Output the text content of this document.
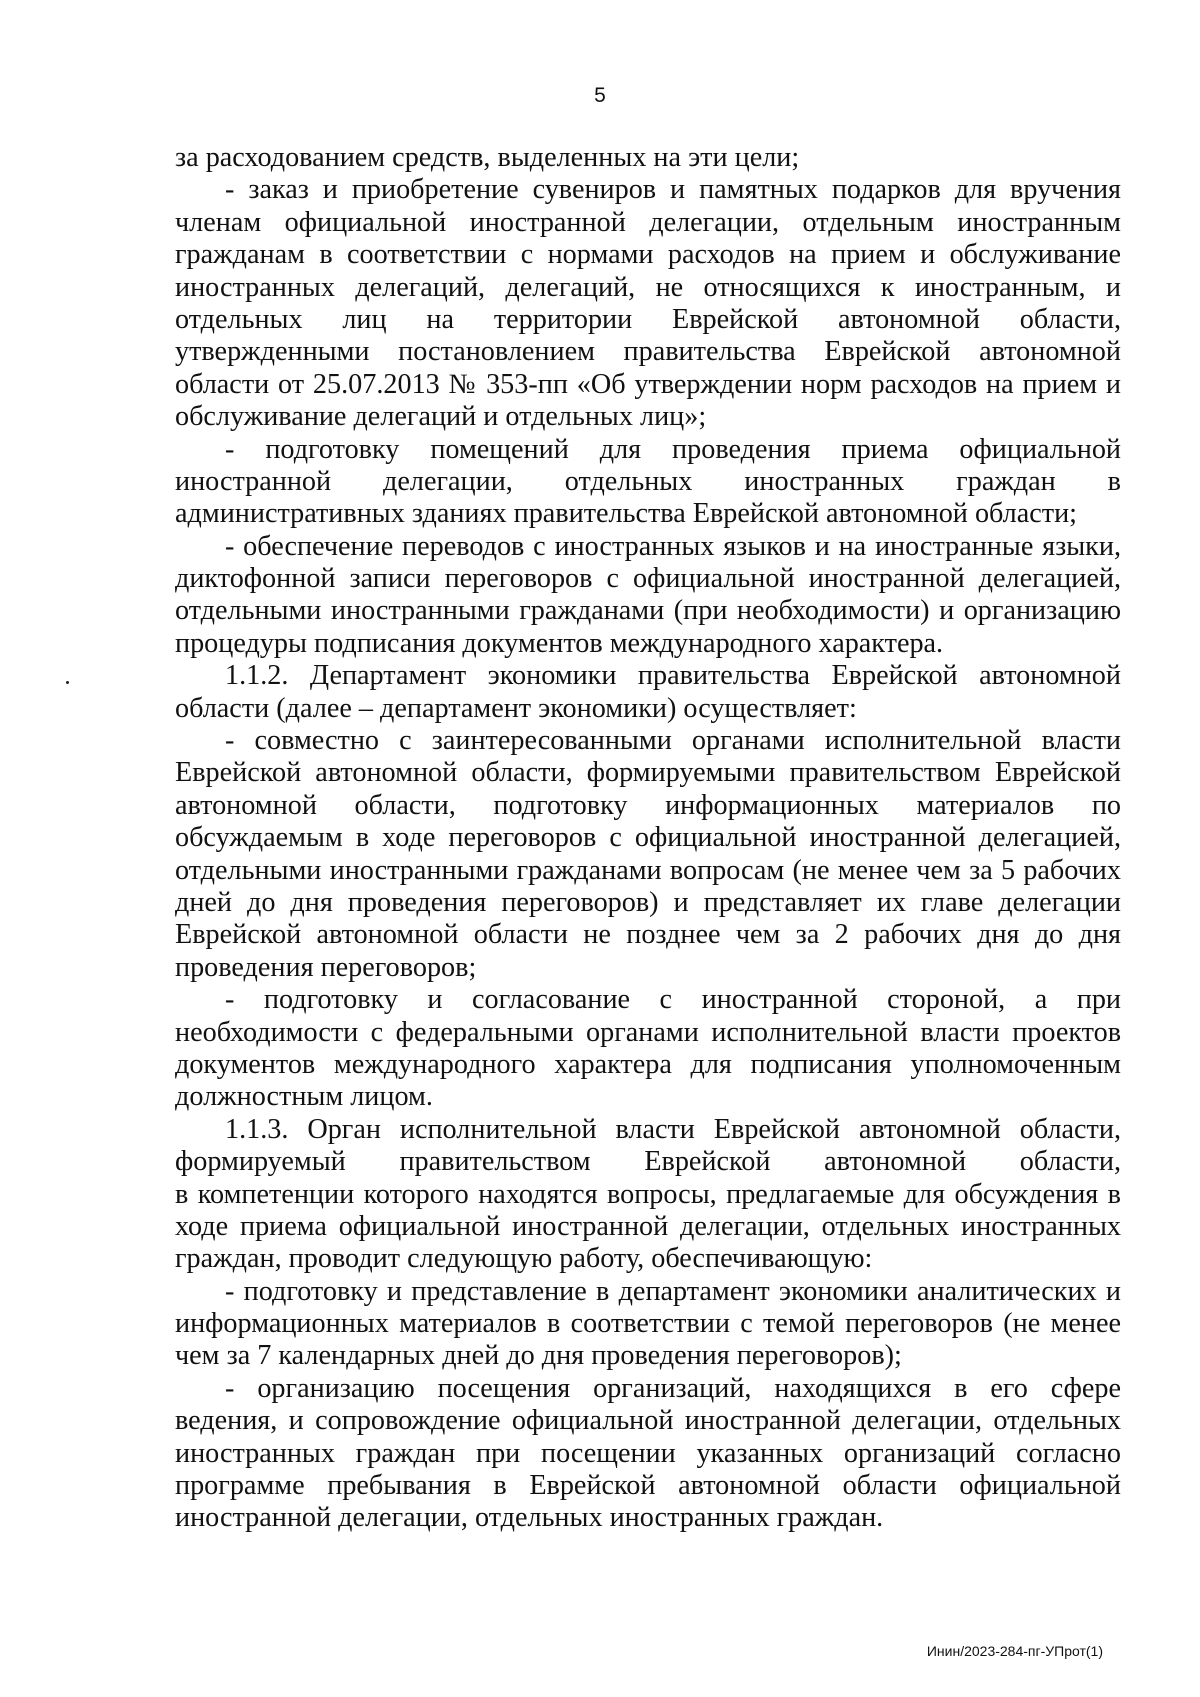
5
за расходованием средств, выделенных на эти цели;
- заказ и приобретение сувениров и памятных подарков для вручения
членам официальной иностранной делегации, отдельным иностранным
гражданам в соответствии с нормами расходов на прием и обслуживание
иностранных делегаций, делегаций, не относящихся к иностранным, и
отдельных лиц на территории Еврейской автономной области,
утвержденными постановлением правительства Еврейской автономной
области от 25.07.2013 № 353-пп «Об утверждении норм расходов на прием и
обслуживание делегаций и отдельных лиц»;
- подготовку помещений для проведения приема официальной
иностранной делегации, отдельных иностранных граждан в
административных зданиях правительства Еврейской автономной области;
- обеспечение переводов с иностранных языков и на иностранные языки,
диктофонной записи переговоров с официальной иностранной делегацией,
отдельными иностранными гражданами (при необходимости) и организацию
процедуры подписания документов международного характера.
1.1.2. Департамент экономики правительства Еврейской автономной
области (далее – департамент экономики) осуществляет:
- совместно с заинтересованными органами исполнительной власти
Еврейской автономной области, формируемыми правительством Еврейской
автономной области, подготовку информационных материалов по
обсуждаемым в ходе переговоров с официальной иностранной делегацией,
отдельными иностранными гражданами вопросам (не менее чем за 5 рабочих
дней до дня проведения переговоров) и представляет их главе делегации
Еврейской автономной области не позднее чем за 2 рабочих дня до дня
проведения переговоров;
- подготовку и согласование с иностранной стороной, а при
необходимости с федеральными органами исполнительной власти проектов
документов международного характера для подписания уполномоченным
должностным лицом.
1.1.3. Орган исполнительной власти Еврейской автономной области,
формируемый правительством Еврейской автономной области,
в компетенции которого находятся вопросы, предлагаемые для обсуждения в
ходе приема официальной иностранной делегации, отдельных иностранных
граждан, проводит следующую работу, обеспечивающую:
- подготовку и представление в департамент экономики аналитических и
информационных материалов в соответствии с темой переговоров (не менее
чем за 7 календарных дней до дня проведения переговоров);
- организацию посещения организаций, находящихся в его сфере
ведения, и сопровождение официальной иностранной делегации, отдельных
иностранных граждан при посещении указанных организаций согласно
программе пребывания в Еврейской автономной области официальной
иностранной делегации, отдельных иностранных граждан.
Инин/2023-284-пг-УПрот(1)
